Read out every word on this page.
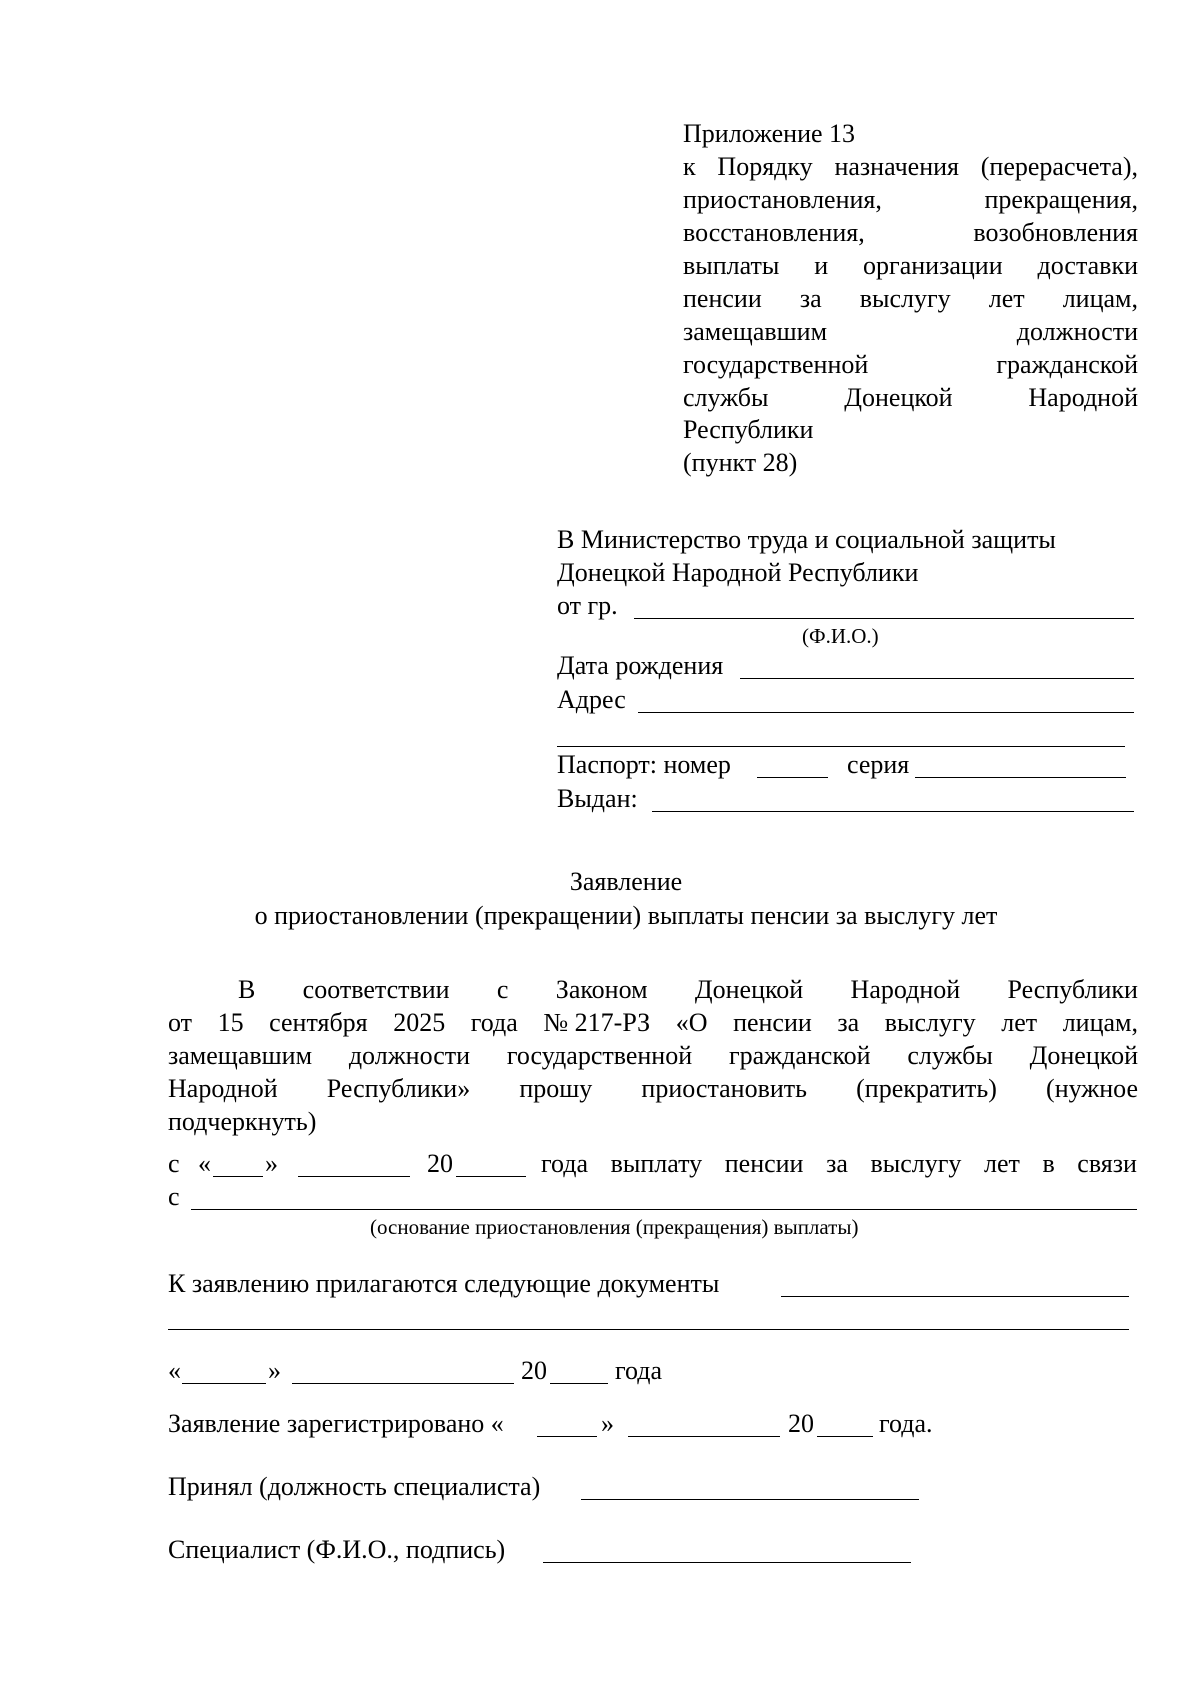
Приложение 13
к Порядку назначения (перерасчета),
приостановления,	прекращения,
восстановления,	возобновления
выплаты и организации доставки
пенсии за выслугу лет лицам,
замещавшим	должности
государственной	гражданской
службы	Донецкой	Народной
Республики
(пункт 28)
В Министерство труда и социальной защиты
Донецкой Народной Республики
от гр.
(Ф.И.О.)
Дата рождения
Адрес
Паспорт: номер	серия
Выдан:
Заявление
о приостановлении (прекращении) выплаты пенсии за выслугу лет
В соответствии с Законом Донецкой Народной Республики
от 15 сентября 2025 года № 217-РЗ «О пенсии за выслугу лет лицам,
замещавшим должности государственной гражданской службы Донецкой
Народной Республики» прошу приостановить (прекратить) (нужное
подчеркнуть)
с « »	20	года выплату пенсии за выслугу лет в связи
с
(основание приостановления (прекращения) выплаты)
К заявлению прилагаются следующие документы
«	»	20	года
Заявление зарегистрировано «	»	20	года.
Принял (должность специалиста)
Специалист (Ф.И.О., подпись)
